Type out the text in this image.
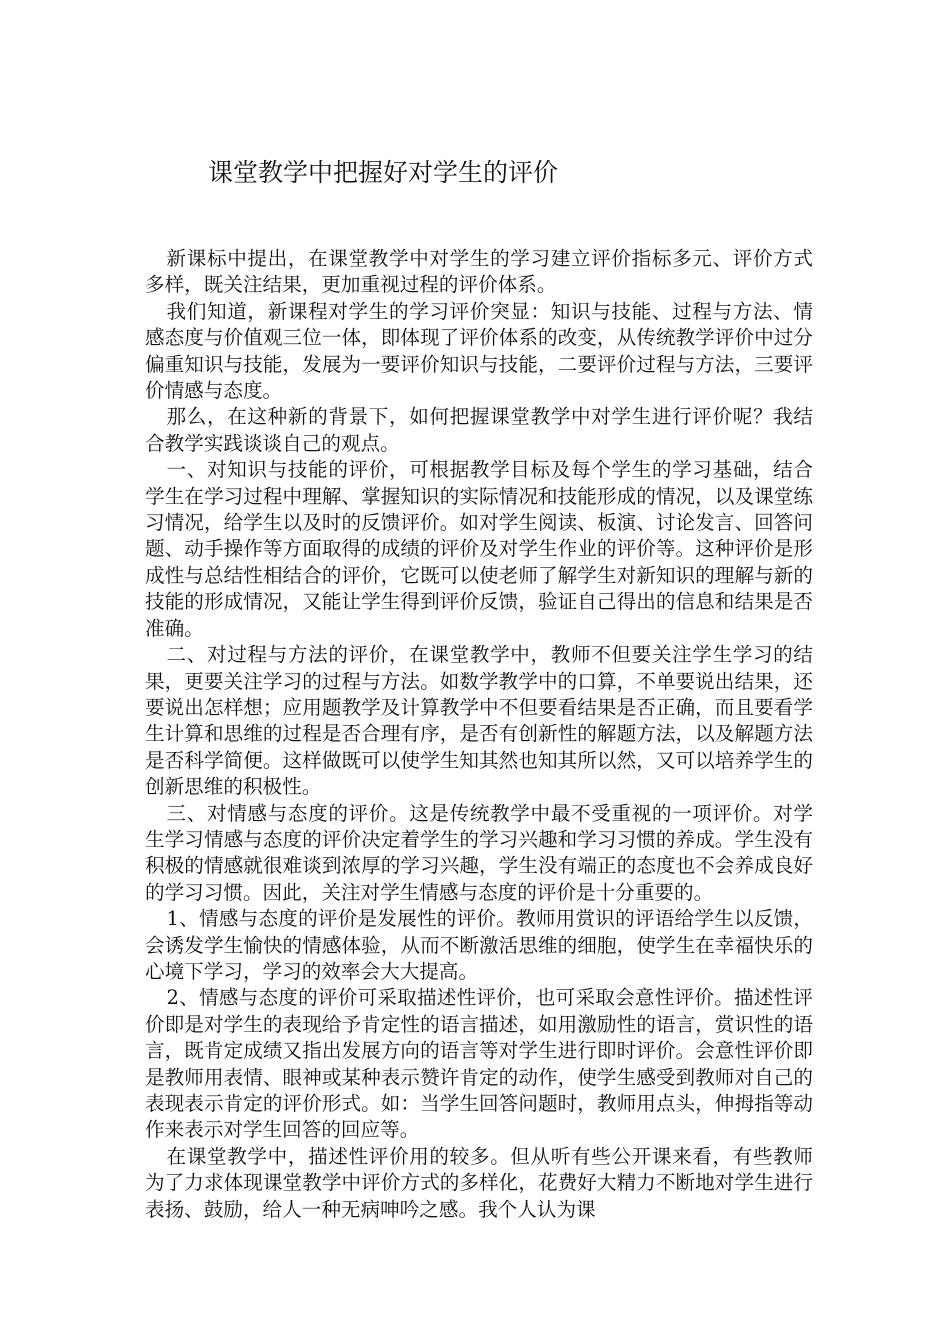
课堂教学中把握好对学生的评价

新课标中提出，在课堂教学中对学生的学习建立评价指标多元、评价方式多样，既关注结果，更加重视过程的评价体系。

我们知道，新课程对学生的学习评价突显：知识与技能、过程与方法、情感态度与价值观三位一体，即体现了评价体系的改变，从传统教学评价中过分偏重知识与技能，发展为一要评价知识与技能，二要评价过程与方法，三要评价情感与态度。

那么，在这种新的背景下，如何把握课堂教学中对学生进行评价呢？我结合教学实践谈谈自己的观点。

一、对知识与技能的评价，可根据教学目标及每个学生的学习基础，结合学生在学习过程中理解、掌握知识的实际情况和技能形成的情况，以及课堂练习情况，给学生以及时的反馈评价。如对学生阅读、板演、讨论发言、回答问题、动手操作等方面取得的成绩的评价及对学生作业的评价等。这种评价是形成性与总结性相结合的评价，它既可以使老师了解学生对新知识的理解与新的技能的形成情况，又能让学生得到评价反馈，验证自己得出的信息和结果是否准确。

二、对过程与方法的评价，在课堂教学中，教师不但要关注学生学习的结果，更要关注学习的过程与方法。如数学教学中的口算，不单要说出结果，还要说出怎样想；应用题教学及计算教学中不但要看结果是否正确，而且要看学生计算和思维的过程是否合理有序，是否有创新性的解题方法，以及解题方法是否科学简便。这样做既可以使学生知其然也知其所以然，又可以培养学生的创新思维的积极性。

三、对情感与态度的评价。这是传统教学中最不受重视的一项评价。对学生学习情感与态度的评价决定着学生的学习兴趣和学习习惯的养成。学生没有积极的情感就很难谈到浓厚的学习兴趣，学生没有端正的态度也不会养成良好的学习习惯。因此，关注对学生情感与态度的评价是十分重要的。

1、情感与态度的评价是发展性的评价。教师用赏识的评语给学生以反馈，会诱发学生愉快的情感体验，从而不断激活思维的细胞，使学生在幸福快乐的心境下学习，学习的效率会大大提高。

2、情感与态度的评价可采取描述性评价，也可采取会意性评价。描述性评价即是对学生的表现给予肯定性的语言描述，如用激励性的语言，赏识性的语言，既肯定成绩又指出发展方向的语言等对学生进行即时评价。会意性评价即是教师用表情、眼神或某种表示赞许肯定的动作，使学生感受到教师对自己的表现表示肯定的评价形式。如：当学生回答问题时，教师用点头，伸拇指等动作来表示对学生回答的回应等。

在课堂教学中，描述性评价用的较多。但从听有些公开课来看，有些教师为了力求体现课堂教学中评价方式的多样化，花费好大精力不断地对学生进行表扬、鼓励，给人一种无病呻吟之感。我个人认为课
